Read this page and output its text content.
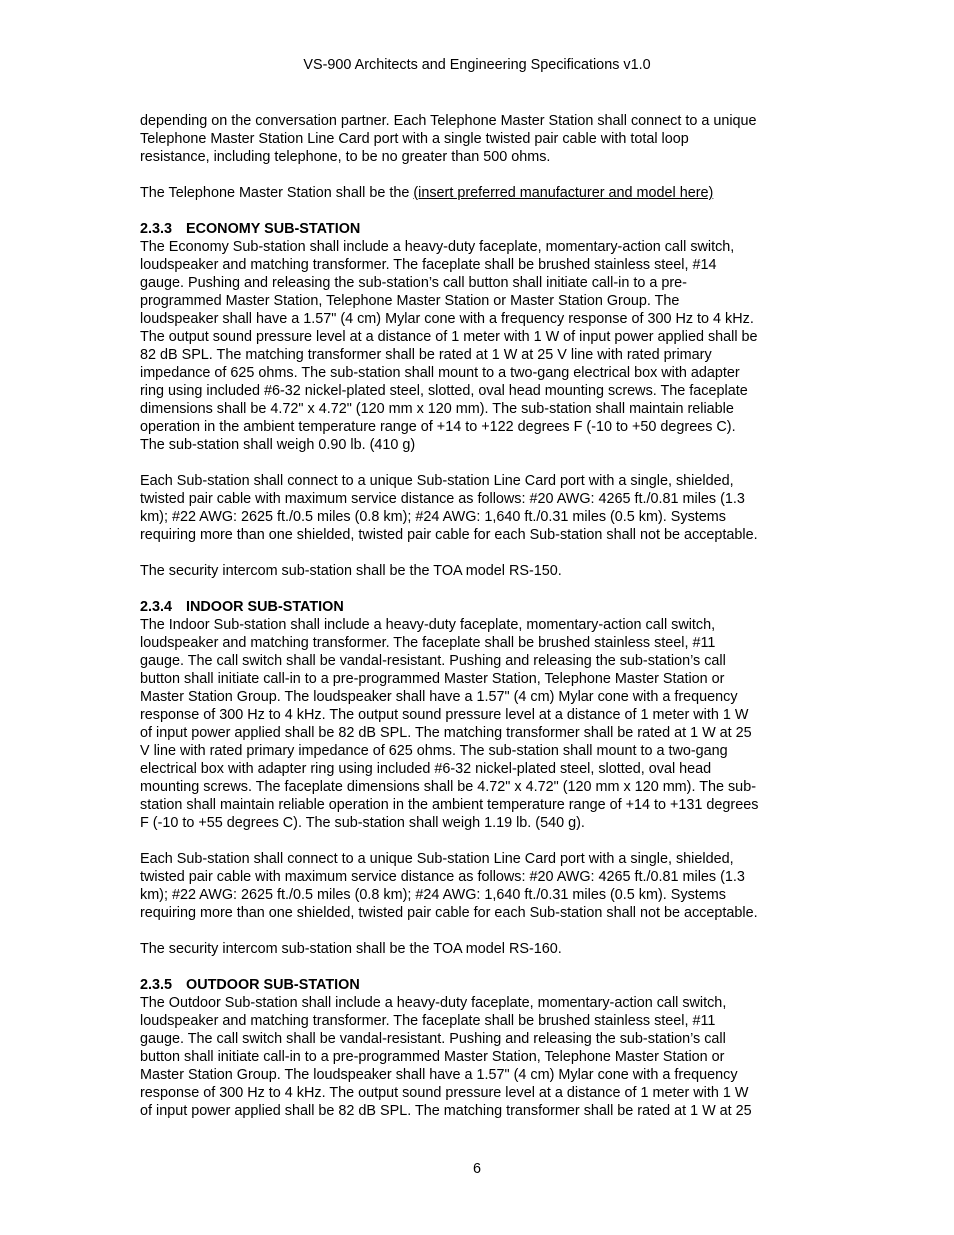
VS-900 Architects and Engineering Specifications v1.0

depending on the conversation partner. Each Telephone Master Station shall connect to a unique
Telephone Master Station Line Card port with a single twisted pair cable with total loop
resistance, including telephone, to be no greater than 500 ohms.

The Telephone Master Station shall be the (insert preferred manufacturer and model here)

2.3.3 ECONOMY SUB-STATION

The Economy Sub-station shall include a heavy-duty faceplate, momentary-action call switch,
loudspeaker and matching transformer. The faceplate shall be brushed stainless steel, #14
gauge. Pushing and releasing the sub-station’s call button shall initiate call-in to a pre-
programmed Master Station, Telephone Master Station or Master Station Group. The
loudspeaker shall have a 1.57" (4 cm) Mylar cone with a frequency response of 300 Hz to 4 kHz.
The output sound pressure level at a distance of 1 meter with 1 W of input power applied shall be
82 dB SPL. The matching transformer shall be rated at 1 W at 25 V line with rated primary
impedance of 625 ohms. The sub-station shall mount to a two-gang electrical box with adapter
ring using included #6-32 nickel-plated steel, slotted, oval head mounting screws. The faceplate
dimensions shall be 4.72" x 4.72" (120 mm x 120 mm). The sub-station shall maintain reliable
operation in the ambient temperature range of +14 to +122 degrees F (-10 to +50 degrees C).
The sub-station shall weigh 0.90 lb. (410 g)

Each Sub-station shall connect to a unique Sub-station Line Card port with a single, shielded,
twisted pair cable with maximum service distance as follows: #20 AWG: 4265 ft./0.81 miles (1.3
km); #22 AWG: 2625 ft./0.5 miles (0.8 km); #24 AWG: 1,640 ft./0.31 miles (0.5 km). Systems
requiring more than one shielded, twisted pair cable for each Sub-station shall not be acceptable.

The security intercom sub-station shall be the TOA model RS-150.

2.3.4 INDOOR SUB-STATION

The Indoor Sub-station shall include a heavy-duty faceplate, momentary-action call switch,
loudspeaker and matching transformer. The faceplate shall be brushed stainless steel, #11
gauge. The call switch shall be vandal-resistant. Pushing and releasing the sub-station’s call
button shall initiate call-in to a pre-programmed Master Station, Telephone Master Station or
Master Station Group. The loudspeaker shall have a 1.57" (4 cm) Mylar cone with a frequency
response of 300 Hz to 4 kHz. The output sound pressure level at a distance of 1 meter with 1 W
of input power applied shall be 82 dB SPL. The matching transformer shall be rated at 1 W at 25
V line with rated primary impedance of 625 ohms. The sub-station shall mount to a two-gang
electrical box with adapter ring using included #6-32 nickel-plated steel, slotted, oval head
mounting screws. The faceplate dimensions shall be 4.72" x 4.72" (120 mm x 120 mm). The sub-
station shall maintain reliable operation in the ambient temperature range of +14 to +131 degrees
F (-10 to +55 degrees C). The sub-station shall weigh 1.19 lb. (540 g).

Each Sub-station shall connect to a unique Sub-station Line Card port with a single, shielded,
twisted pair cable with maximum service distance as follows: #20 AWG: 4265 ft./0.81 miles (1.3
km); #22 AWG: 2625 ft./0.5 miles (0.8 km); #24 AWG: 1,640 ft./0.31 miles (0.5 km). Systems
requiring more than one shielded, twisted pair cable for each Sub-station shall not be acceptable.

The security intercom sub-station shall be the TOA model RS-160.

2.3.5 OUTDOOR SUB-STATION

The Outdoor Sub-station shall include a heavy-duty faceplate, momentary-action call switch,
loudspeaker and matching transformer. The faceplate shall be brushed stainless steel, #11
gauge. The call switch shall be vandal-resistant. Pushing and releasing the sub-station’s call
button shall initiate call-in to a pre-programmed Master Station, Telephone Master Station or
Master Station Group. The loudspeaker shall have a 1.57" (4 cm) Mylar cone with a frequency
response of 300 Hz to 4 kHz. The output sound pressure level at a distance of 1 meter with 1 W
of input power applied shall be 82 dB SPL. The matching transformer shall be rated at 1 W at 25

6
